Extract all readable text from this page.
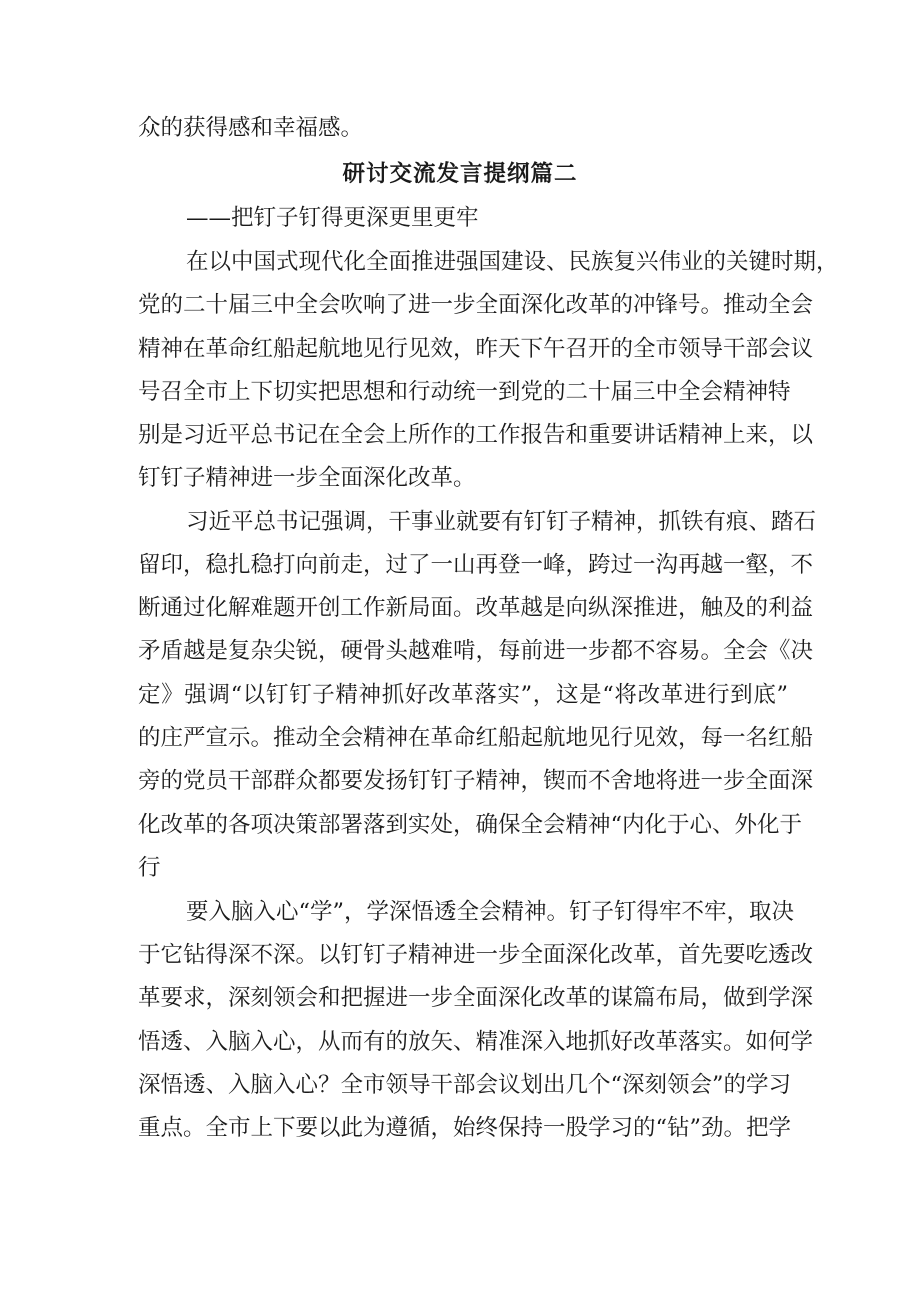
众的获得感和幸福感。
研讨交流发言提纲篇二
——把钉子钉得更深更里更牢
在以中国式现代化全面推进强国建设、民族复兴伟业的关键时期，
党的二十届三中全会吹响了进一步全面深化改革的冲锋号。推动全会
精神在革命红船起航地见行见效，昨天下午召开的全市领导干部会议
号召全市上下切实把思想和行动统一到党的二十届三中全会精神特
别是习近平总书记在全会上所作的工作报告和重要讲话精神上来，以
钉钉子精神进一步全面深化改革。
习近平总书记强调，干事业就要有钉钉子精神，抓铁有痕、踏石
留印，稳扎稳打向前走，过了一山再登一峰，跨过一沟再越一壑，不
断通过化解难题开创工作新局面。改革越是向纵深推进，触及的利益
矛盾越是复杂尖锐，硬骨头越难啃，每前进一步都不容易。全会《决
定》强调“以钉钉子精神抓好改革落实”，这是“将改革进行到底”
的庄严宣示。推动全会精神在革命红船起航地见行见效，每一名红船
旁的党员干部群众都要发扬钉钉子精神，锲而不舍地将进一步全面深
化改革的各项决策部署落到实处，确保全会精神“内化于心、外化于
行
要入脑入心“学”，学深悟透全会精神。钉子钉得牢不牢，取决
于它钻得深不深。以钉钉子精神进一步全面深化改革，首先要吃透改
革要求，深刻领会和把握进一步全面深化改革的谋篇布局，做到学深
悟透、入脑入心，从而有的放矢、精准深入地抓好改革落实。如何学
深悟透、入脑入心？全市领导干部会议划出几个“深刻领会”的学习
重点。全市上下要以此为遵循，始终保持一股学习的“钻”劲。把学
